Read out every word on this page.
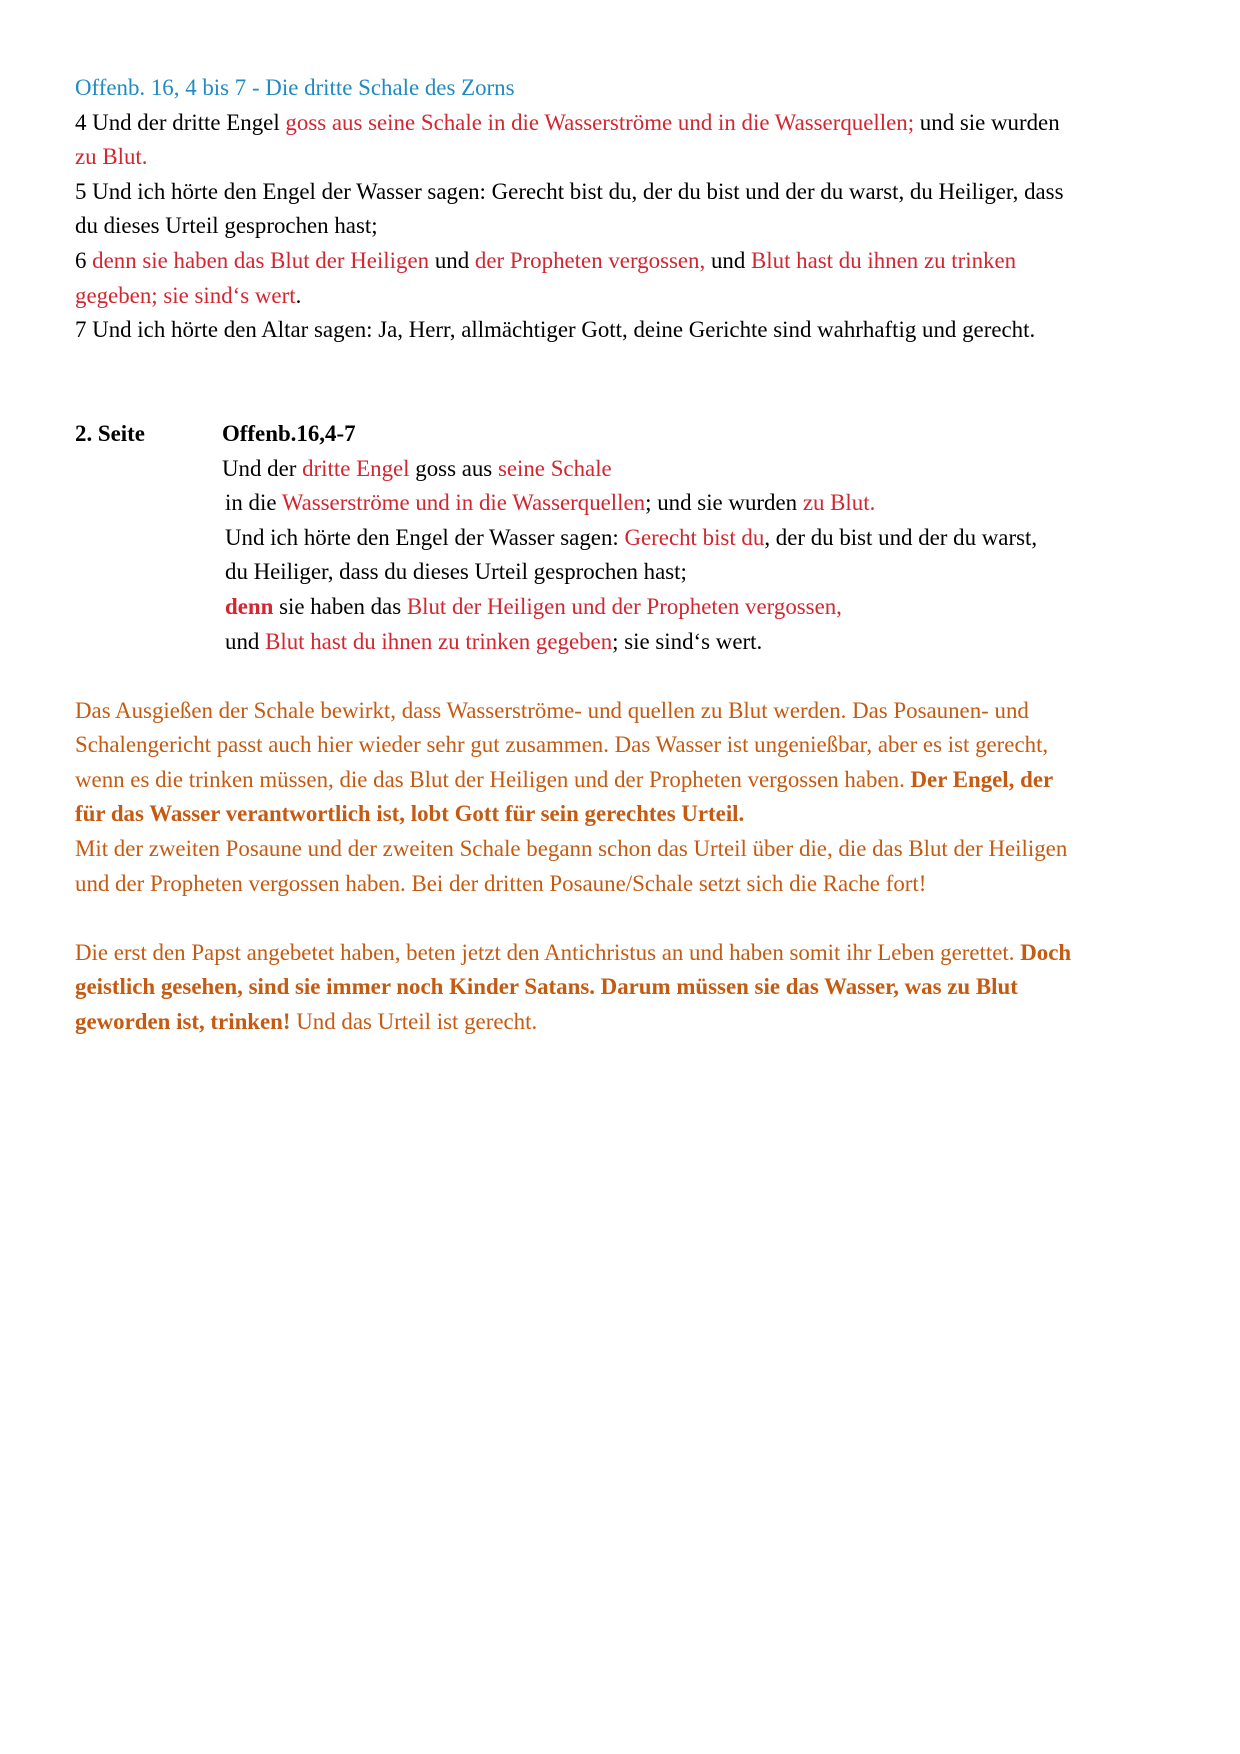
Offenb. 16, 4 bis 7 - Die dritte Schale des Zorns

4 Und der dritte Engel goss aus seine Schale in die Wasserströme und in die Wasserquellen; und sie wurden
zu Blut.

5 Und ich hörte den Engel der Wasser sagen: Gerecht bist du, der du bist und der du warst, du Heiliger, dass
du dieses Urteil gesprochen hast;

6 denn sie haben das Blut der Heiligen und der Propheten vergossen, und Blut hast du ihnen zu trinken
gegeben; sie sind‘s wert.

7 Und ich hörte den Altar sagen: Ja, Herr, allmächtiger Gott, deine Gerichte sind wahrhaftig und gerecht.

2. Seite	Offenb.16,4-7
Und der dritte Engel goss aus seine Schale
in die Wasserströme und in die Wasserquellen; und sie wurden zu Blut.
Und ich hörte den Engel der Wasser sagen: Gerecht bist du, der du bist und der du warst,
du Heiliger, dass du dieses Urteil gesprochen hast;
denn sie haben das Blut der Heiligen und der Propheten vergossen,
und Blut hast du ihnen zu trinken gegeben; sie sind‘s wert.

Das Ausgießen der Schale bewirkt, dass Wasserströme- und quellen zu Blut werden. Das Posaunen- und
Schalengericht passt auch hier wieder sehr gut zusammen. Das Wasser ist ungenießbar, aber es ist gerecht,
wenn es die trinken müssen, die das Blut der Heiligen und der Propheten vergossen haben. Der Engel, der
für das Wasser verantwortlich ist, lobt Gott für sein gerechtes Urteil.
Mit der zweiten Posaune und der zweiten Schale begann schon das Urteil über die, die das Blut der Heiligen
und der Propheten vergossen haben. Bei der dritten Posaune/Schale setzt sich die Rache fort!

Die erst den Papst angebetet haben, beten jetzt den Antichristus an und haben somit ihr Leben gerettet. Doch
geistlich gesehen, sind sie immer noch Kinder Satans. Darum müssen sie das Wasser, was zu Blut
geworden ist, trinken! Und das Urteil ist gerecht.
